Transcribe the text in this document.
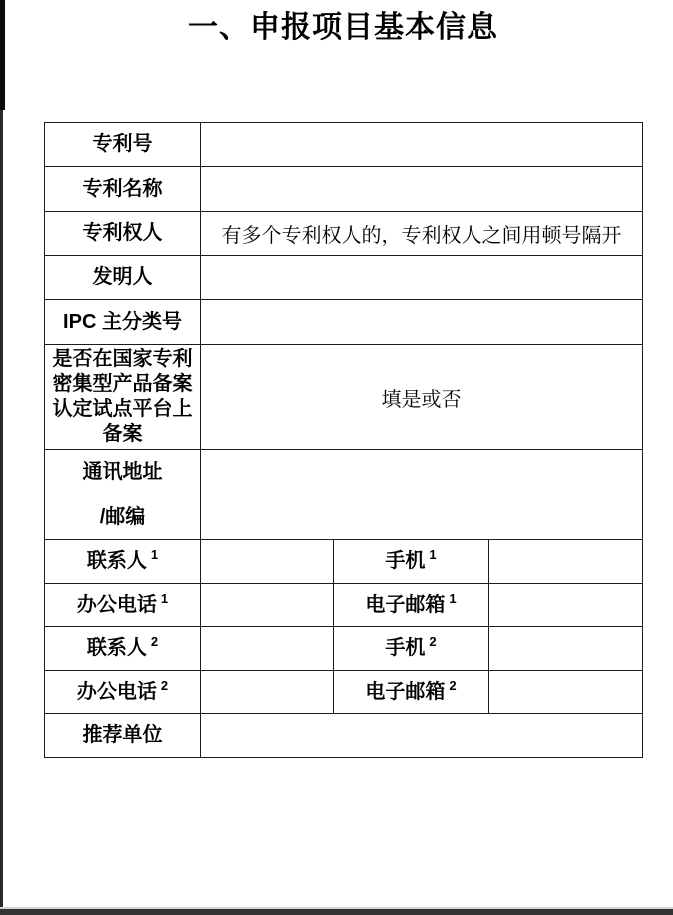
一、申报项目基本信息
专利号			
专利名称			
专利权人	有多个专利权人的，专利权人之间用顿号隔开		
发明人			
IPC 主分类号			
是否在国家专利密集型产品备案认定试点平台上备案	填是或否		

通讯地址
/邮编			

联系人 $^1$		手机 $^1$	
办公电话 $^1$		电子邮箱 $^1$	
联系人 $^2$		手机 $^2$	
办公电话 $^2$		电子邮箱 $^2$	
推荐单位			
